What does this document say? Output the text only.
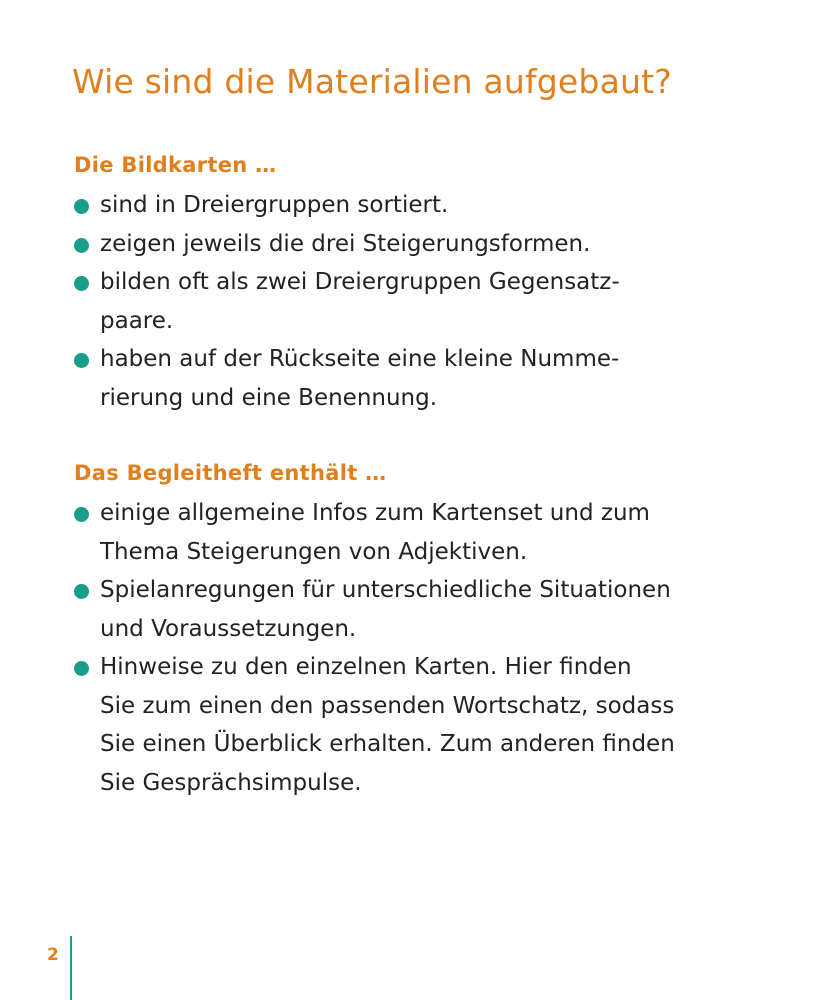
Wie sind die Materialien aufgebaut?
Die Bildkarten …
sind in Dreiergruppen sortiert.
zeigen jeweils die drei Steigerungsformen.
bilden oft als zwei Dreiergruppen Gegensatz-
paare.
haben auf der Rückseite eine kleine Numme-
rierung und eine Benennung.
Das Begleitheft enthält …
einige allgemeine Infos zum Kartenset und zum
Thema Steigerungen von Adjektiven.
Spielanregungen für unterschiedliche Situationen
und Voraussetzungen.
Hinweise zu den einzelnen Karten. Hier finden
Sie zum einen den passenden Wortschatz, sodass
Sie einen Überblick erhalten. Zum anderen finden
Sie Gesprächsimpulse.
2
